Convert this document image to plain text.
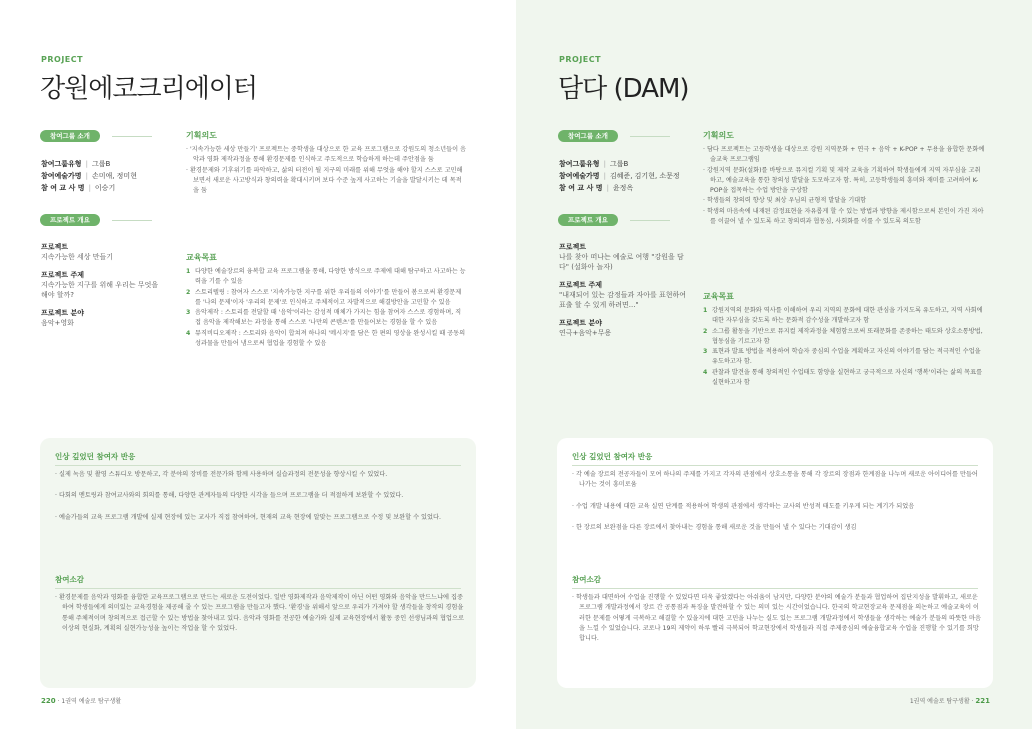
PROJECT
강원에코크리에이터
참여그룹 소개
참여그룹유형 | 그룹B
참여예술가명 | 손미애, 정미현
참 여 교 사 명 | 이승기
프로젝트 개요
프로젝트
지속가능한 세상 만들기
프로젝트 주제
지속가능한 지구를 위해 우리는 무엇을 해야 할까?
프로젝트 분야
음악+영화
기획의도
· '지속가능한 세상 만들기' 프로젝트는 중학생을 대상으로 한 교육 프로그램으로 강원도의 청소년들이 음악과 영화 제작과정을 통해 환경문제를 인식하고 주도적으로 학습하게 하는데 주안점을 둠
· 환경문제와 기후위기를 파악하고, 삶의 터전이 될 지구의 미래를 위해 무엇을 해야 할지 스스로 고민해보면서 새로운 사고방식과 창의력을 확대시키며 보다 수준 높게 사고하는 기술을 발달시키는 데 목적을 둠
교육목표
1 다양한 예술장르의 융복합 교육 프로그램을 통해, 다양한 방식으로 주제에 대해 탐구하고 사고하는 능력을 기를 수 있음
2 스토리텔링 : 참여자 스스로 '지속가능한 지구를 위한 우리들의 이야기'를 만들어 봄으로써 환경문제를 '나의 문제'이자 '우리의 문제'로 인식하고 주체적이고 자발적으로 해결방안을 고민할 수 있음
3 음악제작 : 스토리를 전달할 때 '음악'이라는 감성적 매체가 가지는 힘을 참여자 스스로 경험하며, 직접 음악을 제작해보는 과정을 통해 스스로 '나만의 콘텐츠'를 만들어보는 경험을 할 수 있음
4 뮤직비디오제작 : 스토리와 음악이 합쳐져 하나의 '메시지'를 담은 한 편의 영상을 완성시킬 때 공동의 성과물을 만들어 냄으로써 협업을 경험할 수 있음
인상 깊었던 참여자 반응
· 실제 녹음 및 촬영 스튜디오 방문하고, 각 분야의 장비를 전문가와 함께 사용하며 실습과정의 전문성을 향상시킬 수 있었다.
· 다회의 멘토링과 참여교사와의 회의를 통해, 다양한 관계자들의 다양한 시각을 들으며 프로그램을 더 적절하게 보완할 수 있었다.
· 예술가들의 교육 프로그램 개발에 실제 현장에 있는 교사가 직접 참여하여, 현재의 교육 현장에 알맞는 프로그램으로 수정 및 보완할 수 있었다.
참여소감
· 환경문제를 음악과 영화를 융합한 교육프로그램으로 만드는 새로운 도전이었다. 일반 영화제작과 음악제작이 아닌 어떤 영화와 음악을 만드느냐에 집중하여 학생들에게 의미있는 교육경험을 제공해 줄 수 있는 프로그램을 만들고자 했다. '환경'을 위해서 앞으로 우리가 가져야 할 생각들을 창작의 경험을 통해 주체적이며 창의적으로 접근할 수 있는 방법을 찾아내고 있다. 음악과 영화를 전공한 예술가와 실제 교육현장에서 활동 중인 선생님과의 협업으로 이상의 현실화, 계획의 실현가능성을 높이는 작업을 할 수 있었다.
220 · 1권역 예술로 탐구생활
PROJECT
담다 (DAM)
참여그룹 소개
참여그룹유형 | 그룹B
참여예술가명 | 김혜준, 김기현, 소문정
참 여 교 사 명 | 윤정옥
프로젝트 개요
프로젝트
나를 찾아 떠나는 예술로 여행 "강원을 담다" (설화아 놀자)
프로젝트 주제
"내재되어 있는 감정들과 자아를 표현하여 표출 할 수 있게 하려면..."
프로젝트 분야
연극+음악+무용
기획의도
· 담다 프로젝트는 고등학생을 대상으로 강원 지역문화 + 연극 + 음악 + K-POP + 무용을 융합한 문화예술교육 프로그램임
· 강원지역 문화(설화)를 바탕으로 뮤지컬 기획 및 제작 교육을 기획하여 학생들에게 지역 자부심을 고취하고, 예술교육을 통한 창의성 발달을 도모하고자 함. 특히, 고등학생들의 흥미와 재미를 고려하여 K-POP을 접목하는 수업 방안을 구상함
· 학생들의 창의력 향상 및 최상 우님의 균형적 발달을 기대함
· 학생의 마음속에 내재된 감정표현을 자유롭게 할 수 있는 방법과 방향을 제시함으로써 본인이 가진 자아를 이끌어 낼 수 있도록 하고 창의력과 협동심, 사회화를 이룰 수 있도록 의도함
교육목표
1 강원지역의 문화와 역사를 이해하여 우리 지역의 문화에 대한 관심을 가지도록 유도하고, 지역 사회에 대한 자부심을 갖도록 하는 문화적 감수성을 개발하고자 함
2 소그룹 활동을 기반으로 뮤지컬 제작과정을 체험함으로써 또래문화를 존중하는 태도와 상호소통방법, 협동심을 기르고자 함
3 표현과 발표 방법을 적용하여 학습자 중심의 수업을 계획하고 자신의 이야기를 담는 적극적인 수업을 유도하고자 함.
4 관찰과 발견을 통해 창의적인 수업태도 함양을 실현하고 궁극적으로 자신의 '행복'이라는 삶의 목표를 실현하고자 함
인상 깊었던 참여자 반응
· 각 예술 장르의 전공자들이 모여 하나의 주제를 가지고 각자의 관점에서 상호소통을 통해 각 장르의 장점과 한계점을 나누며 새로운 아이디어를 만들어 나가는 것이 흥미로움
· 수업 개발 내용에 대한 교육 실연 단계를 적용하여 학생의 관점에서 생각하는 교사의 반성적 태도를 키우게 되는 계기가 되었음
· 한 장르의 보완점을 다른 장르에서 찾아내는 경험을 통해 새로운 것을 만들어 낼 수 있다는 기대감이 생김
참여소감
· 학생들과 대면하여 수업을 진행할 수 있었다면 더욱 좋았겠다는 아쉬움이 남지만, 다양한 분야의 예술가 분들과 협업하여 집단지성을 발휘하고, 새로운 프로그램 개발과정에서 장르 간 공통점과 특징을 발견하할 수 있는 의미 있는 시간이었습니다. 한국의 학교현장교육 문제점을 의논하고 예술교육이 이러한 문제를 어떻게 극복하고 해결할 수 있을지에 대한 고민을 나누는 실도 있는 프로그램 개발과정에서 학생들을 생각하는 예술가 분들의 따뜻한 마음을 느낄 수 있었습니다. 코로나 19의 제약이 하루 빨리 극복되어 학교현장에서 학생들과 직접 주제중심의 예술융합교육 수업을 진행할 수 있기를 희망합니다.
1권역 예술로 탐구생활 · 221
